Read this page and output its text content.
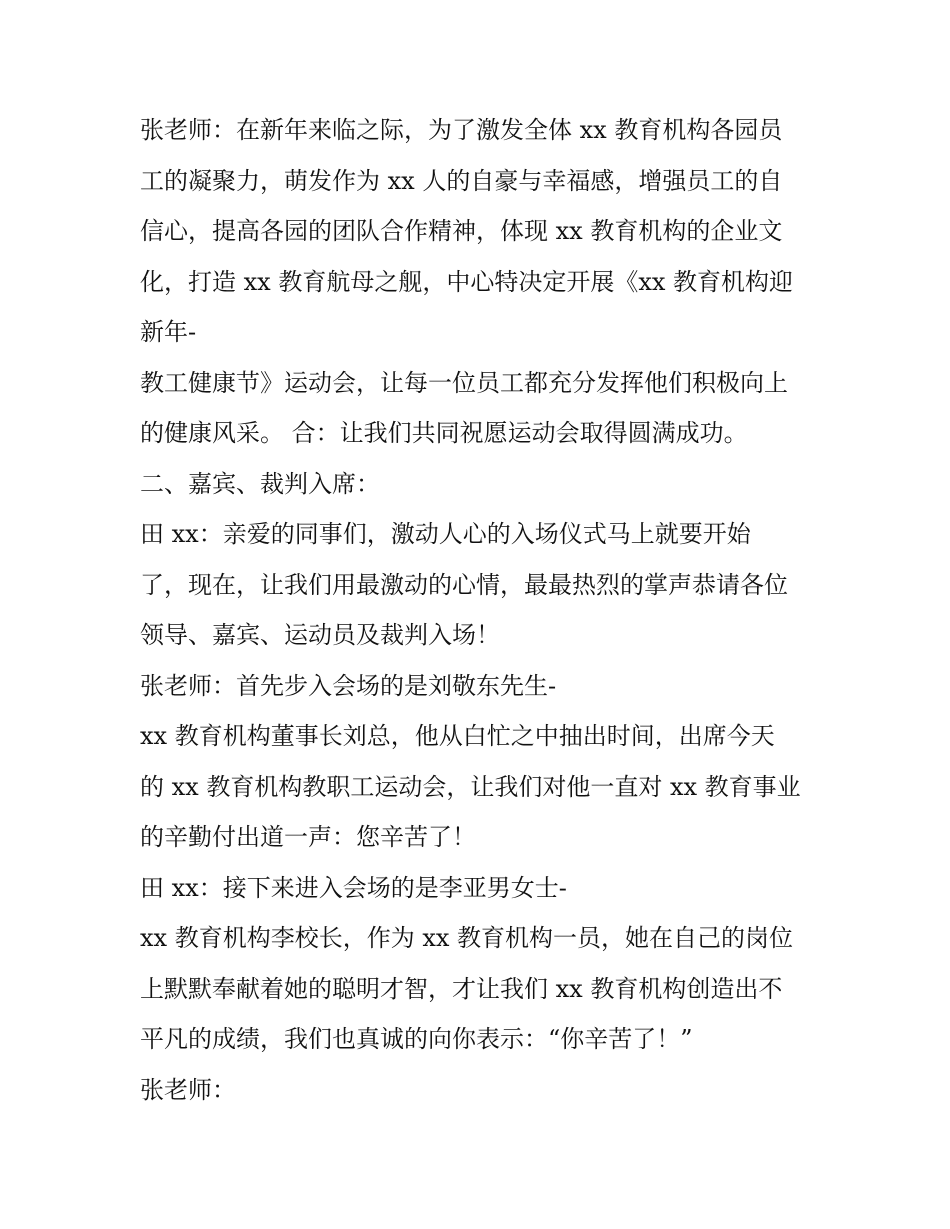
张老师：在新年来临之际，为了激发全体 xx 教育机构各园员
工的凝聚力，萌发作为 xx 人的自豪与幸福感，增强员工的自
信心，提高各园的团队合作精神，体现 xx 教育机构的企业文
化，打造 xx 教育航母之舰，中心特决定开展《xx 教育机构迎
新年-
教工健康节》运动会，让每一位员工都充分发挥他们积极向上
的健康风采。 合：让我们共同祝愿运动会取得圆满成功。
二、嘉宾、裁判入席：
田 xx：亲爱的同事们，激动人心的入场仪式马上就要开始
了，现在，让我们用最激动的心情，最最热烈的掌声恭请各位
领导、嘉宾、运动员及裁判入场！
张老师：首先步入会场的是刘敬东先生-
xx 教育机构董事长刘总，他从白忙之中抽出时间，出席今天
的 xx 教育机构教职工运动会，让我们对他一直对 xx 教育事业
的辛勤付出道一声：您辛苦了！
田 xx：接下来进入会场的是李亚男女士-
xx 教育机构李校长，作为 xx 教育机构一员，她在自己的岗位
上默默奉献着她的聪明才智，才让我们 xx 教育机构创造出不
平凡的成绩，我们也真诚的向你表示：“你辛苦了！”
张老师：
